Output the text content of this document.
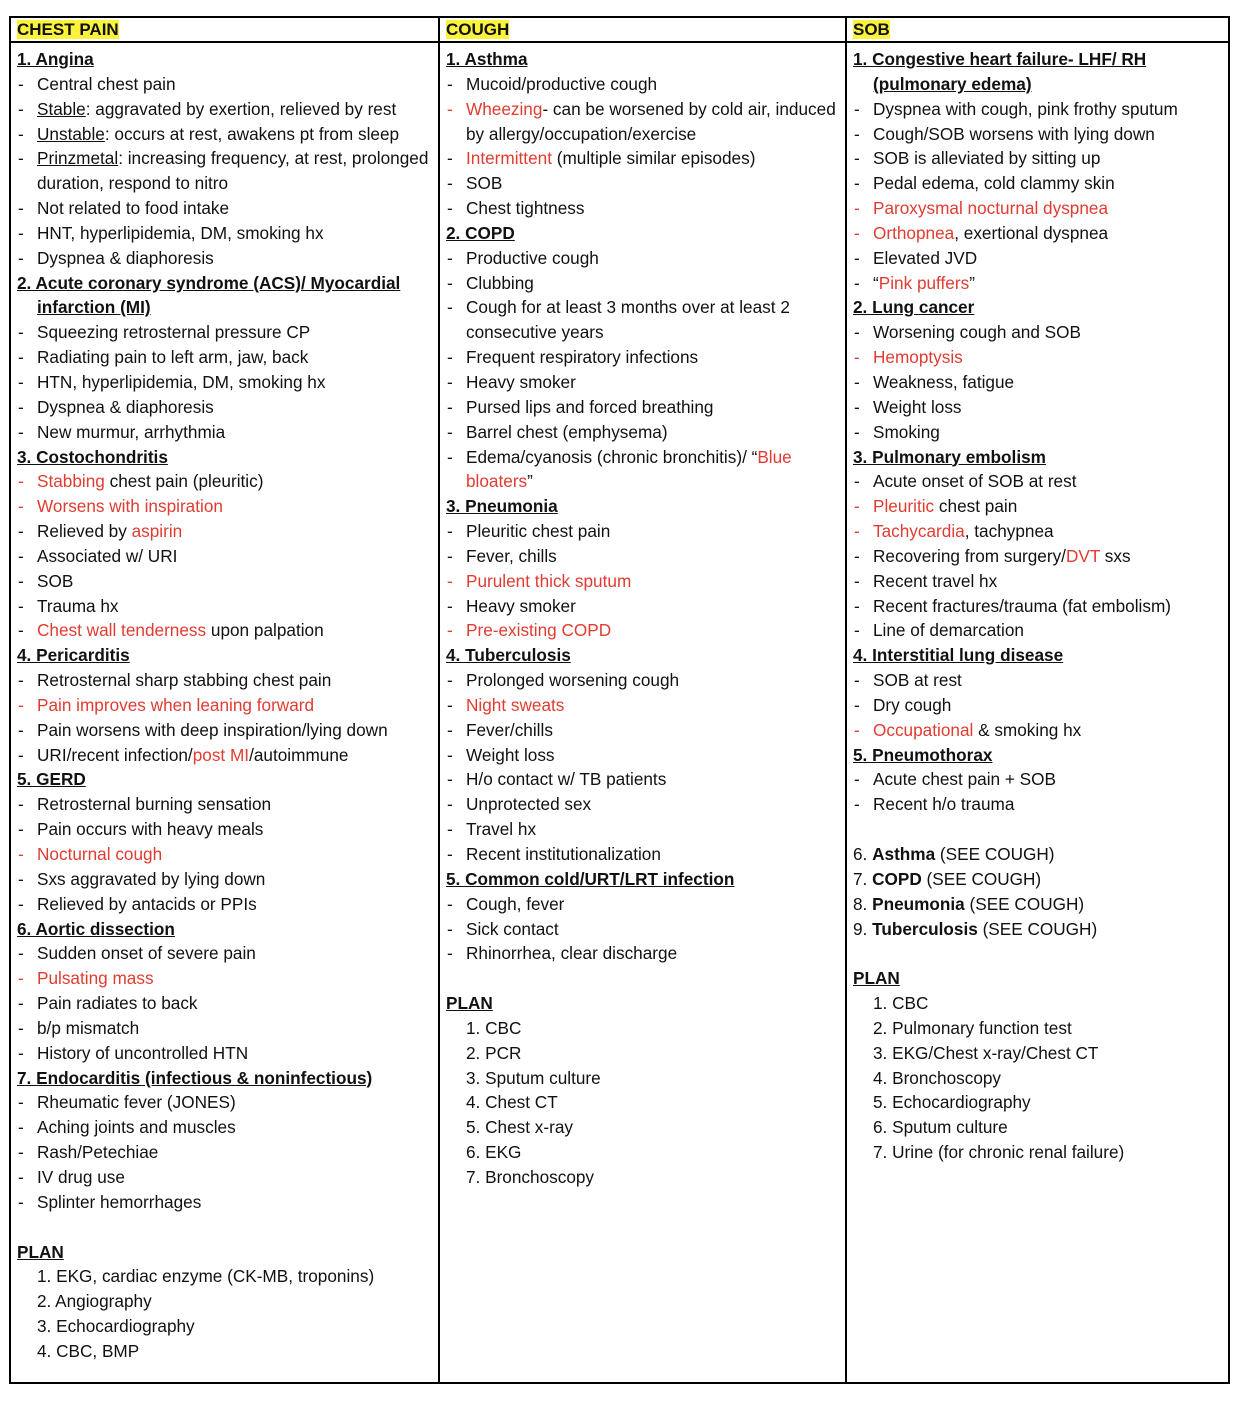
CHEST PAIN
1. Angina
- Central chest pain
- Stable: aggravated by exertion, relieved by rest
- Unstable: occurs at rest, awakens pt from sleep
- Prinzmetal: increasing frequency, at rest, prolonged duration, respond to nitro
- Not related to food intake
- HNT, hyperlipidemia, DM, smoking hx
- Dyspnea & diaphoresis
2. Acute coronary syndrome (ACS)/ Myocardial infarction (MI)
- Squeezing retrosternal pressure CP
- Radiating pain to left arm, jaw, back
- HTN, hyperlipidemia, DM, smoking hx
- Dyspnea & diaphoresis
- New murmur, arrhythmia
3. Costochondritis
- Stabbing chest pain (pleuritic)
- Worsens with inspiration
- Relieved by aspirin
- Associated w/ URI
- SOB
- Trauma hx
- Chest wall tenderness upon palpation
4. Pericarditis
- Retrosternal sharp stabbing chest pain
- Pain improves when leaning forward
- Pain worsens with deep inspiration/lying down
- URI/recent infection/post MI/autoimmune
5. GERD
- Retrosternal burning sensation
- Pain occurs with heavy meals
- Nocturnal cough
- Sxs aggravated by lying down
- Relieved by antacids or PPIs
6. Aortic dissection
- Sudden onset of severe pain
- Pulsating mass
- Pain radiates to back
- b/p mismatch
- History of uncontrolled HTN
7. Endocarditis (infectious & noninfectious)
- Rheumatic fever (JONES)
- Aching joints and muscles
- Rash/Petechiae
- IV drug use
- Splinter hemorrhages
PLAN
1. EKG, cardiac enzyme (CK-MB, troponins)
2. Angiography
3. Echocardiography
4. CBC, BMP
COUGH
1. Asthma
- Mucoid/productive cough
- Wheezing- can be worsened by cold air, induced by allergy/occupation/exercise
- Intermittent (multiple similar episodes)
- SOB
- Chest tightness
2. COPD
- Productive cough
- Clubbing
- Cough for at least 3 months over at least 2 consecutive years
- Frequent respiratory infections
- Heavy smoker
- Pursed lips and forced breathing
- Barrel chest (emphysema)
- Edema/cyanosis (chronic bronchitis)/ “Blue bloaters”
3. Pneumonia
- Pleuritic chest pain
- Fever, chills
- Purulent thick sputum
- Heavy smoker
- Pre-existing COPD
4. Tuberculosis
- Prolonged worsening cough
- Night sweats
- Fever/chills
- Weight loss
- H/o contact w/ TB patients
- Unprotected sex
- Travel hx
- Recent institutionalization
5. Common cold/URT/LRT infection
- Cough, fever
- Sick contact
- Rhinorrhea, clear discharge
PLAN
1. CBC
2. PCR
3. Sputum culture
4. Chest CT
5. Chest x-ray
6. EKG
7. Bronchoscopy
SOB
1. Congestive heart failure- LHF/ RH (pulmonary edema)
- Dyspnea with cough, pink frothy sputum
- Cough/SOB worsens with lying down
- SOB is alleviated by sitting up
- Pedal edema, cold clammy skin
- Paroxysmal nocturnal dyspnea
- Orthopnea, exertional dyspnea
- Elevated JVD
- “Pink puffers”
2. Lung cancer
- Worsening cough and SOB
- Hemoptysis
- Weakness, fatigue
- Weight loss
- Smoking
3. Pulmonary embolism
- Acute onset of SOB at rest
- Pleuritic chest pain
- Tachycardia, tachypnea
- Recovering from surgery/DVT sxs
- Recent travel hx
- Recent fractures/trauma (fat embolism)
- Line of demarcation
4. Interstitial lung disease
- SOB at rest
- Dry cough
- Occupational & smoking hx
5. Pneumothorax
- Acute chest pain + SOB
- Recent h/o trauma
6. Asthma (SEE COUGH)
7. COPD (SEE COUGH)
8. Pneumonia (SEE COUGH)
9. Tuberculosis (SEE COUGH)
PLAN
1. CBC
2. Pulmonary function test
3. EKG/Chest x-ray/Chest CT
4. Bronchoscopy
5. Echocardiography
6. Sputum culture
7. Urine (for chronic renal failure)
